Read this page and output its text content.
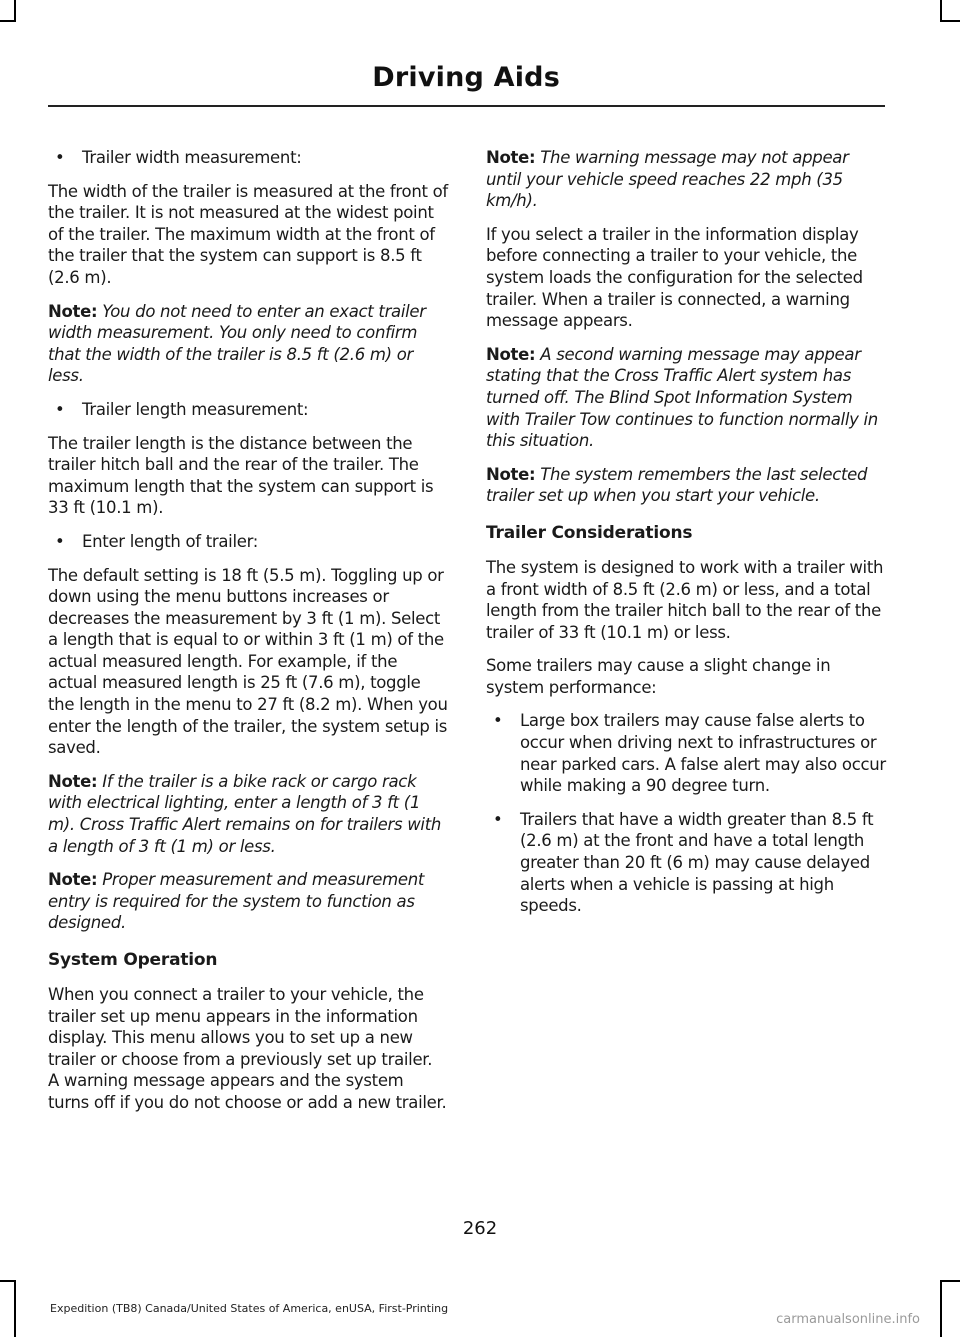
Driving Aids

• Trailer width measurement:

The width of the trailer is measured at the front of the trailer. It is not measured at the widest point of the trailer. The maximum width at the front of the trailer that the system can support is 8.5 ft (2.6 m).

Note: You do not need to enter an exact trailer width measurement. You only need to confirm that the width of the trailer is 8.5 ft (2.6 m) or less.

• Trailer length measurement:

The trailer length is the distance between the trailer hitch ball and the rear of the trailer. The maximum length that the system can support is 33 ft (10.1 m).

• Enter length of trailer:

The default setting is 18 ft (5.5 m). Toggling up or down using the menu buttons increases or decreases the measurement by 3 ft (1 m). Select a length that is equal to or within 3 ft (1 m) of the actual measured length. For example, if the actual measured length is 25 ft (7.6 m), toggle the length in the menu to 27 ft (8.2 m). When you enter the length of the trailer, the system setup is saved.

Note: If the trailer is a bike rack or cargo rack with electrical lighting, enter a length of 3 ft (1 m). Cross Traffic Alert remains on for trailers with a length of 3 ft (1 m) or less.

Note: Proper measurement and measurement entry is required for the system to function as designed.

System Operation

When you connect a trailer to your vehicle, the trailer set up menu appears in the information display. This menu allows you to set up a new trailer or choose from a previously set up trailer. A warning message appears and the system turns off if you do not choose or add a new trailer.

Note: The warning message may not appear until your vehicle speed reaches 22 mph (35 km/h).

If you select a trailer in the information display before connecting a trailer to your vehicle, the system loads the configuration for the selected trailer. When a trailer is connected, a warning message appears.

Note: A second warning message may appear stating that the Cross Traffic Alert system has turned off. The Blind Spot Information System with Trailer Tow continues to function normally in this situation.

Note: The system remembers the last selected trailer set up when you start your vehicle.

Trailer Considerations

The system is designed to work with a trailer with a front width of 8.5 ft (2.6 m) or less, and a total length from the trailer hitch ball to the rear of the trailer of 33 ft (10.1 m) or less.

Some trailers may cause a slight change in system performance:

• Large box trailers may cause false alerts to occur when driving next to infrastructures or near parked cars. A false alert may also occur while making a 90 degree turn.
• Trailers that have a width greater than 8.5 ft (2.6 m) at the front and have a total length greater than 20 ft (6 m) may cause delayed alerts when a vehicle is passing at high speeds.
262
Expedition (TB8) Canada/United States of America, enUSA, First-Printing
carmanualsonline.info
